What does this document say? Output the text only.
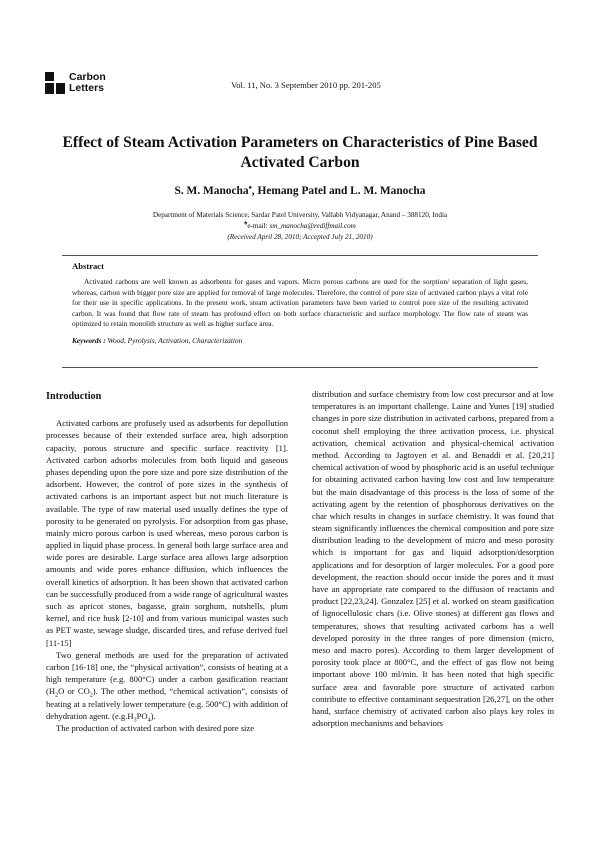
Carbon
Letters	Vol. 11, No. 3 September 2010 pp. 201-205
Effect of Steam Activation Parameters on Characteristics of Pine Based
Activated Carbon
S. M. Manocha♠, Hemang Patel and L. M. Manocha
Department of Materials Science, Sardar Patel University, Vallabh Vidyanagar, Anand – 388120, India
♠e-mail: sm_manocha@rediffmail.com
(Received April 28, 2010; Accepted July 21, 2010)
Abstract
Activated carbons are well known as adsorbents for gases and vapors. Micro porous carbons are used for the sorption/ separation of light gases, whereas, carbon with bigger pore size are applied for removal of large molecules. Therefore, the control of pore size of activated carbon plays a vital role for their use in specific applications. In the present work, steam activation parameters have been varied to control pore size of the resulting activated carbon. It was found that flow rate of steam has profound effect on both surface characteristic and surface morphology. The flow rate of steam was optimized to retain monolith structure as well as higher surface area.
Keywords : Wood, Pyrolysis, Activation, Characterization
Introduction

Activated carbons are profusely used as adsorbents for depollution processes because of their extended surface area, high adsorption capacity, porous structure and specific surface reactivity [1]. Activated carbon adsorbs molecules from both liquid and gaseous phases depending upon the pore size and pore size distribution of the adsorbent. However, the control of pore sizes in the synthesis of activated carbons is an important aspect but not much literature is available. The type of raw material used usually defines the type of porosity to be generated on pyrolysis. For adsorption from gas phase, mainly micro porous carbon is used whereas, meso porous carbon is applied in liquid phase process. In general both large surface area and wide pores are desirable. Large surface area allows large adsorption amounts and wide pores enhance diffusion, which influences the overall kinetics of adsorption. It has been shown that activated carbon can be successfully produced from a wide range of agricultural wastes such as apricot stones, bagasse, grain sorghum, nutshells, plum kernel, and rice husk [2-10] and from various municipal wastes such as PET waste, sewage sludge, discarded tires, and refuse derived fuel [11-15]

Two general methods are used for the preparation of activated carbon [16-18] one, the “physical activation”, consists of heating at a high temperature (e.g. 800°C) under a carbon gasification reactant ($H_2O$ or $CO_2$). The other method, “chemical activation”, consists of heating at a relatively lower temperature (e.g. 500°C) with addition of dehydration agent. $(e.g.H_3PO_4)$.

The production of activated carbon with desired pore size

distribution and surface chemistry from low cost precursor and at low temperatures is an important challenge. Laine and Yunes [19] studied changes in pore size distribution in activated carbons, prepared from a coconut shell employing the three activation process, i.e. physical activation, chemical activation and physical-chemical activation method. According to Jagtoyen et al. and Benaddi et al. [20,21] chemical activation of wood by phosphoric acid is an useful technique for obtaining activated carbon having low cost and low temperature but the main disadvantage of this process is the loss of some of the activating agent by the retention of phosphorous derivatives on the char which results in changes in surface chemistry. It was found that steam significantly influences the chemical composition and pore size distribution leading to the development of micro and meso porosity which is important for gas and liquid adsorption/desorption applications and for desorption of larger molecules. For a good pore development, the reaction should occur inside the pores and it must have an appropriate rate compared to the diffusion of reactants and product [22,23,24]. Gonzalez [25] et al. worked on steam gasification of lignocellulosic chars (i.e. Olive stones) at different gas flows and temperatures, shows that resulting activated carbons has a well developed porosity in the three ranges of pore dimension (micro, meso and macro pores). According to them larger development of porosity took place at 800°C, and the effect of gas flow not being important above 100 ml/min. It has been noted that high specific surface area and favorable pore structure of activated carbon contribute to effective contaminant sequestration [26,27], on the other hand, surface chemistry of activated carbon also plays key roles in adsorption mechanisms and behaviors
